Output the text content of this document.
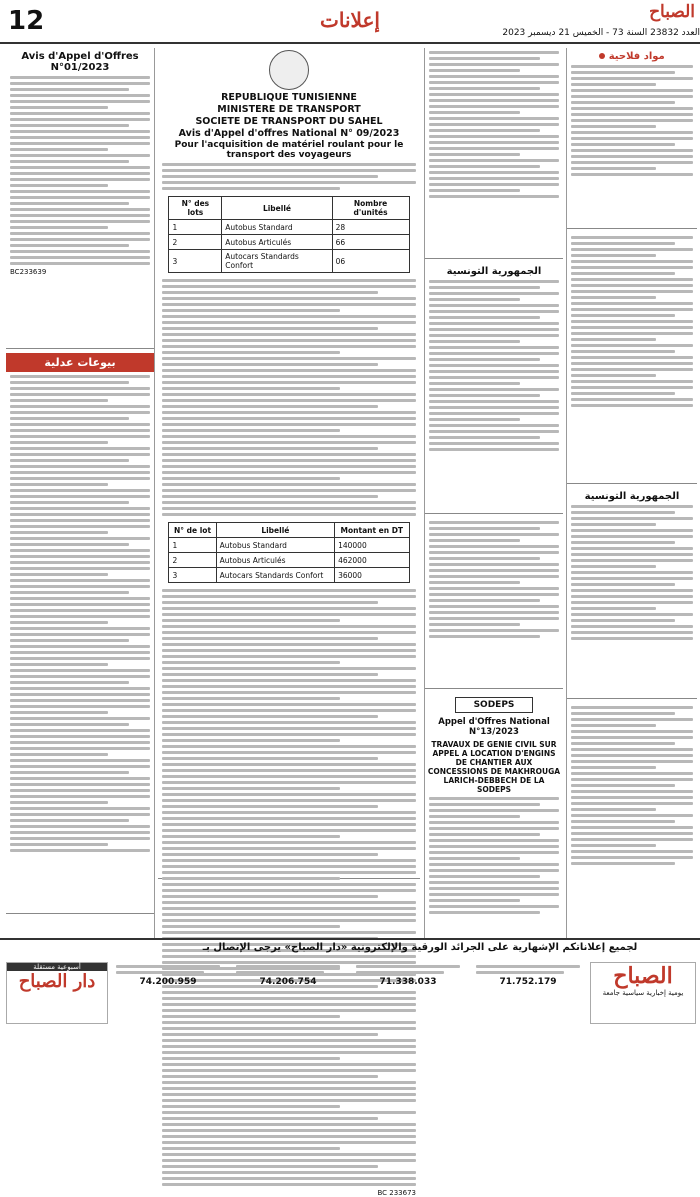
12	إعلانات	الصباح
العدد 23832 السنة 73 - الخميس 21 ديسمبر 2023
Avis d'Appel d'Offres N°01/2023
BC233639
بيوعات عدلية
REPUBLIQUE TUNISIENNE
MINISTERE DE TRANSPORT
SOCIETE DE TRANSPORT DU SAHEL
Avis d'Appel d'offres National N° 09/2023
Pour l'acquisition de matériel roulant pour le transport des voyageurs
N° des lots	Libellé	Nombre d'unités
1	Autobus Standard	28
2	Autobus Articulés	66
3	Autocars Standards Confort	06
N° de lot	Libellé	Montant en DT
1	Autobus Standard	140000
2	Autobus Articulés	462000
3	Autocars Standards Confort	36000
BC 233673
الجمهورية التونسية
SODEPS
Appel d'Offres National N°13/2023
TRAVAUX DE GENIE CIVIL SUR APPEL A LOCATION D'ENGINS DE CHANTIER AUX CONCESSIONS DE MAKHROUGA LARICH-DEBBECH DE LA SODEPS
مواد فلاحية
الجمهورية التونسية
لجميع إعلاناتكم الإشهارية على الجرائد الورقية والإلكترونية «دار الصباح» يرجى الإتصال بـ
الصباح
يومية إخبارية سياسية جامعة
أسبوعية مستقلة
دار الصباح	74.200.959	74.206.754	71.338.033	71.752.179
